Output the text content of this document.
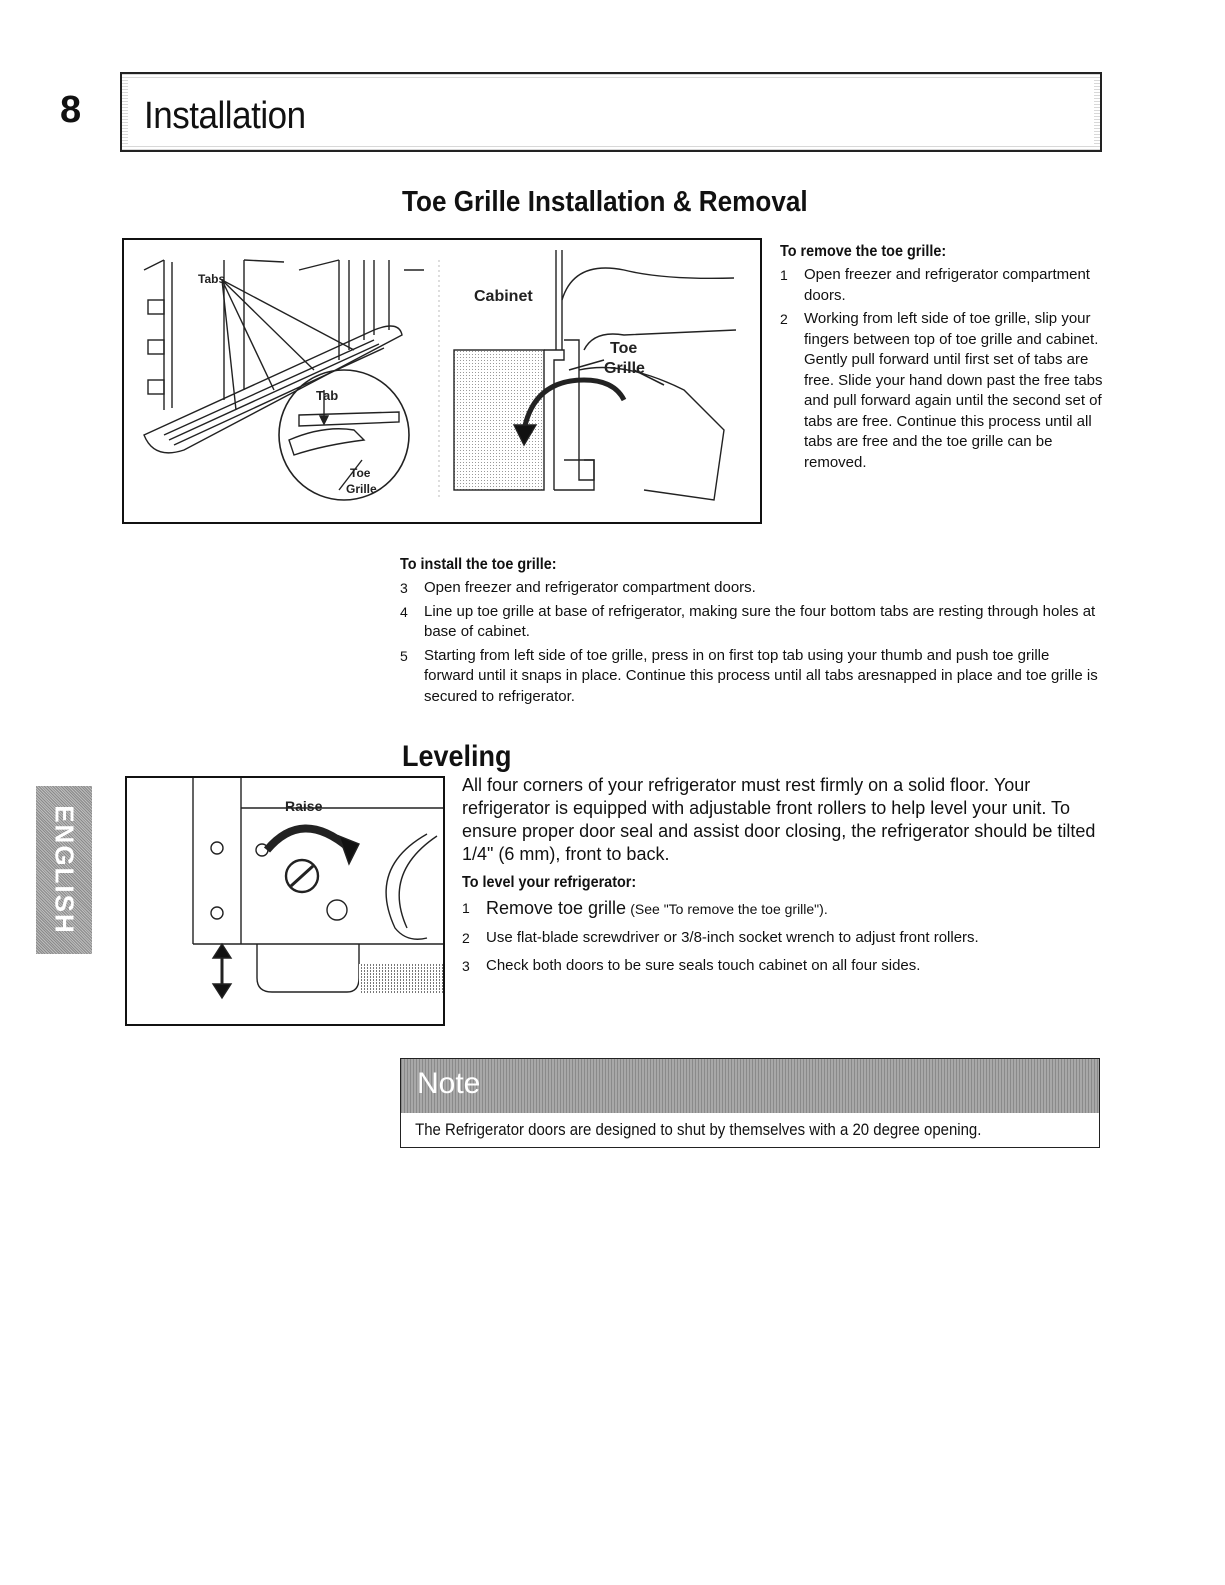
8 Installation
Toe Grille Installation & Removal
Tabs
Tab
Toe
Grille
Cabinet
Toe
Grille
To remove the toe grille:
1 Open freezer and refrigerator compartment doors.
2 Working from left side of toe grille, slip your fingers between top of toe grille and cabinet. Gently pull forward until first set of tabs are free. Slide your hand down past the free tabs and pull forward again until the second set of tabs are free. Continue this process until all tabs are free and the toe grille can be removed.
To install the toe grille:
3 Open freezer and refrigerator compartment doors.
4 Line up toe grille at base of refrigerator, making sure the four bottom tabs are resting through holes at base of cabinet.
5 Starting from left side of toe grille, press in on first top tab using your thumb and push toe grille forward until it snaps in place. Continue this process until all tabs aresnapped in place and toe grille is secured to refrigerator.
Leveling
Raise

All four corners of your refrigerator must rest firmly on a solid floor. Your refrigerator is equipped with adjustable front rollers to help level your unit. To ensure proper door seal and assist door closing, the refrigerator should be tilted 1/4" (6 mm), front to back.

To level your refrigerator:
1 Remove toe grille (See "To remove the toe grille").
2 Use flat-blade screwdriver or 3/8-inch socket wrench to adjust front rollers.
3 Check both doors to be sure seals touch cabinet on all four sides.
ENGLISH
Note
The Refrigerator doors are designed to shut by themselves with a 20 degree opening.
